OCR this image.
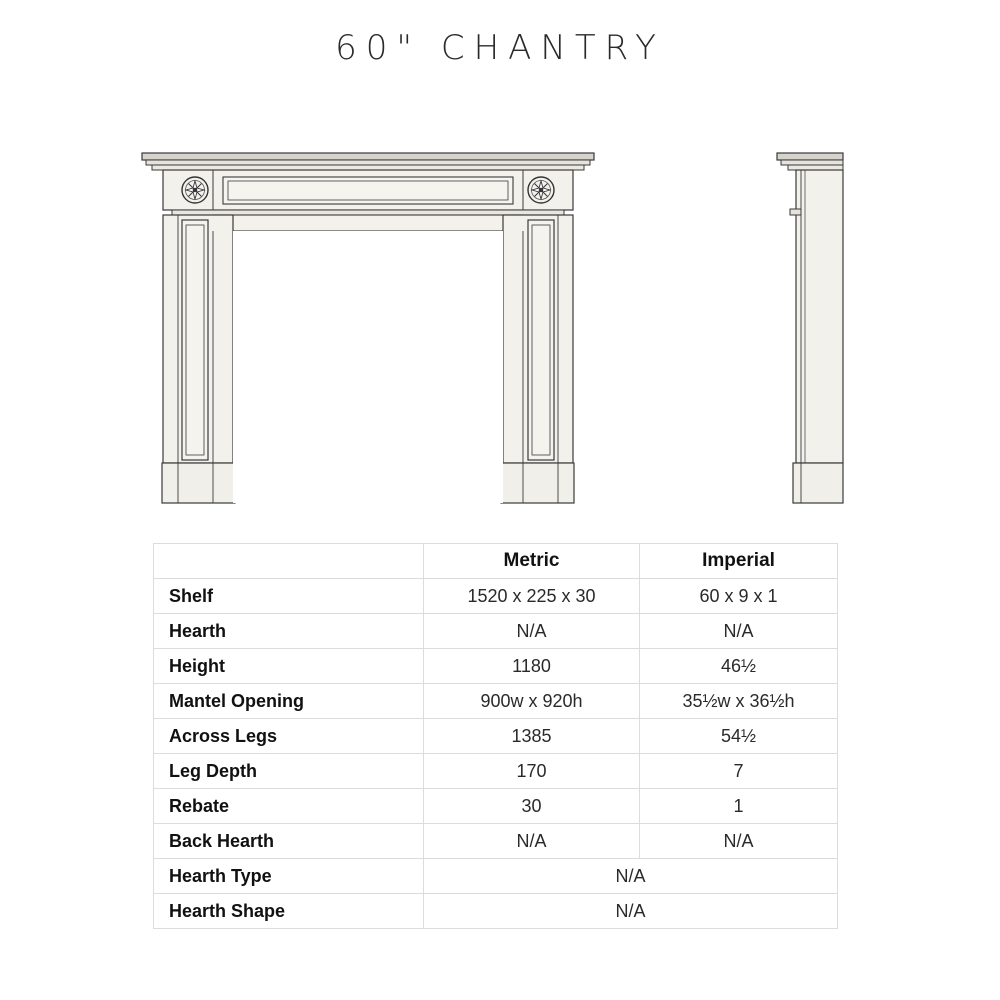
60" CHANTRY
	Metric	Imperial
Shelf	1520 x 225 x 30	60 x 9 x 1
Hearth	N/A	N/A
Height	1180	46½
Mantel Opening	900w x 920h	35½w x 36½h
Across Legs	1385	54½
Leg Depth	170	7
Rebate	30	1
Back Hearth	N/A	N/A
Hearth Type	N/A	
Hearth Shape	N/A	
